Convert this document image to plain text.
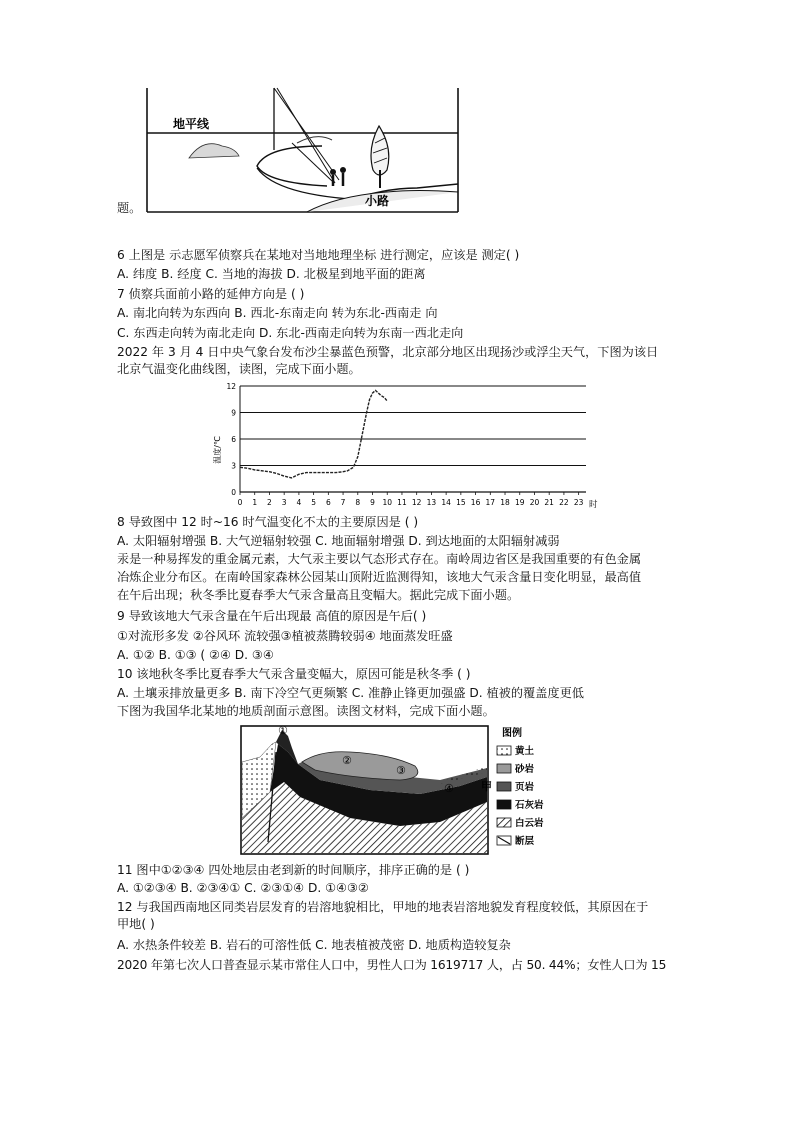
地平线
小路
题。
6 上图是 示志愿军侦察兵在某地对当地地理坐标 进行测定，应该是 测定( )
A. 纬度 B. 经度 C. 当地的海拔 D. 北极星到地平面的距离
7 侦察兵面前小路的延伸方向是 ( )
A. 南北向转为东西向 B. 西北-东南走向 转为东北-西南走 向
C. 东西走向转为南北走向 D. 东北-西南走向转为东南一西北走向
2022 年 3 月 4 日中央气象台发布沙尘暴蓝色预警，北京部分地区出现扬沙或浮尘天气，下图为该日
北京气温变化曲线图，读图，完成下面小题。
0
3
6
9
12
0 1 2 3 4 5 6 7 8 9 10 11 12 13 14 15 16 17 18 19 20 21 22 23
温度/℃
时
8 导致图中 12 时~16 时气温变化不太的主要原因是 ( )
A. 太阳辐射增强 B. 大气逆辐射较强 C. 地面辐射增强 D. 到达地面的太阳辐射减弱
汞是一种易挥发的重金属元素，大气汞主要以气态形式存在。南岭周边省区是我国重要的有色金属
冶炼企业分布区。在南岭国家森林公园某山顶附近监测得知，该地大气汞含量日变化明显，最高值
在午后出现；秋冬季比夏春季大气汞含量高且变幅大。据此完成下面小题。
9 导致该地大气汞含量在午后出现最 高值的原因是午后( )
①对流形多发 ②谷风环 流较强③植被蒸腾较弱④ 地面蒸发旺盛
A. ①② B. ①③ ( ②④ D. ③④
10 该地秋冬季比夏春季大气汞含量变幅大，原因可能是秋冬季 ( )
A. 土壤汞排放量更多 B. 南下冷空气更频繁 C. 准静止锋更加强盛 D. 植被的覆盖度更低
下图为我国华北某地的地质剖面示意图。读图文材料，完成下面小题。
①
②
③
④ 甲
图例
黄土
砂岩
页岩
石灰岩
白云岩
断层
11 图中①②③④ 四处地层由老到新的时间顺序，排序正确的是 ( )
A. ①②③④ B. ②③④① C. ②③①④ D. ①④③②
12 与我国西南地区同类岩层发育的岩溶地貌相比，甲地的地表岩溶地貌发育程度较低，其原因在于
甲地( )
A. 水热条件较差 B. 岩石的可溶性低 C. 地表植被茂密 D. 地质构造较复杂
2020 年第七次人口普查显示某市常住人口中，男性人口为 1619717 人，占 50. 44%；女性人口为 15
